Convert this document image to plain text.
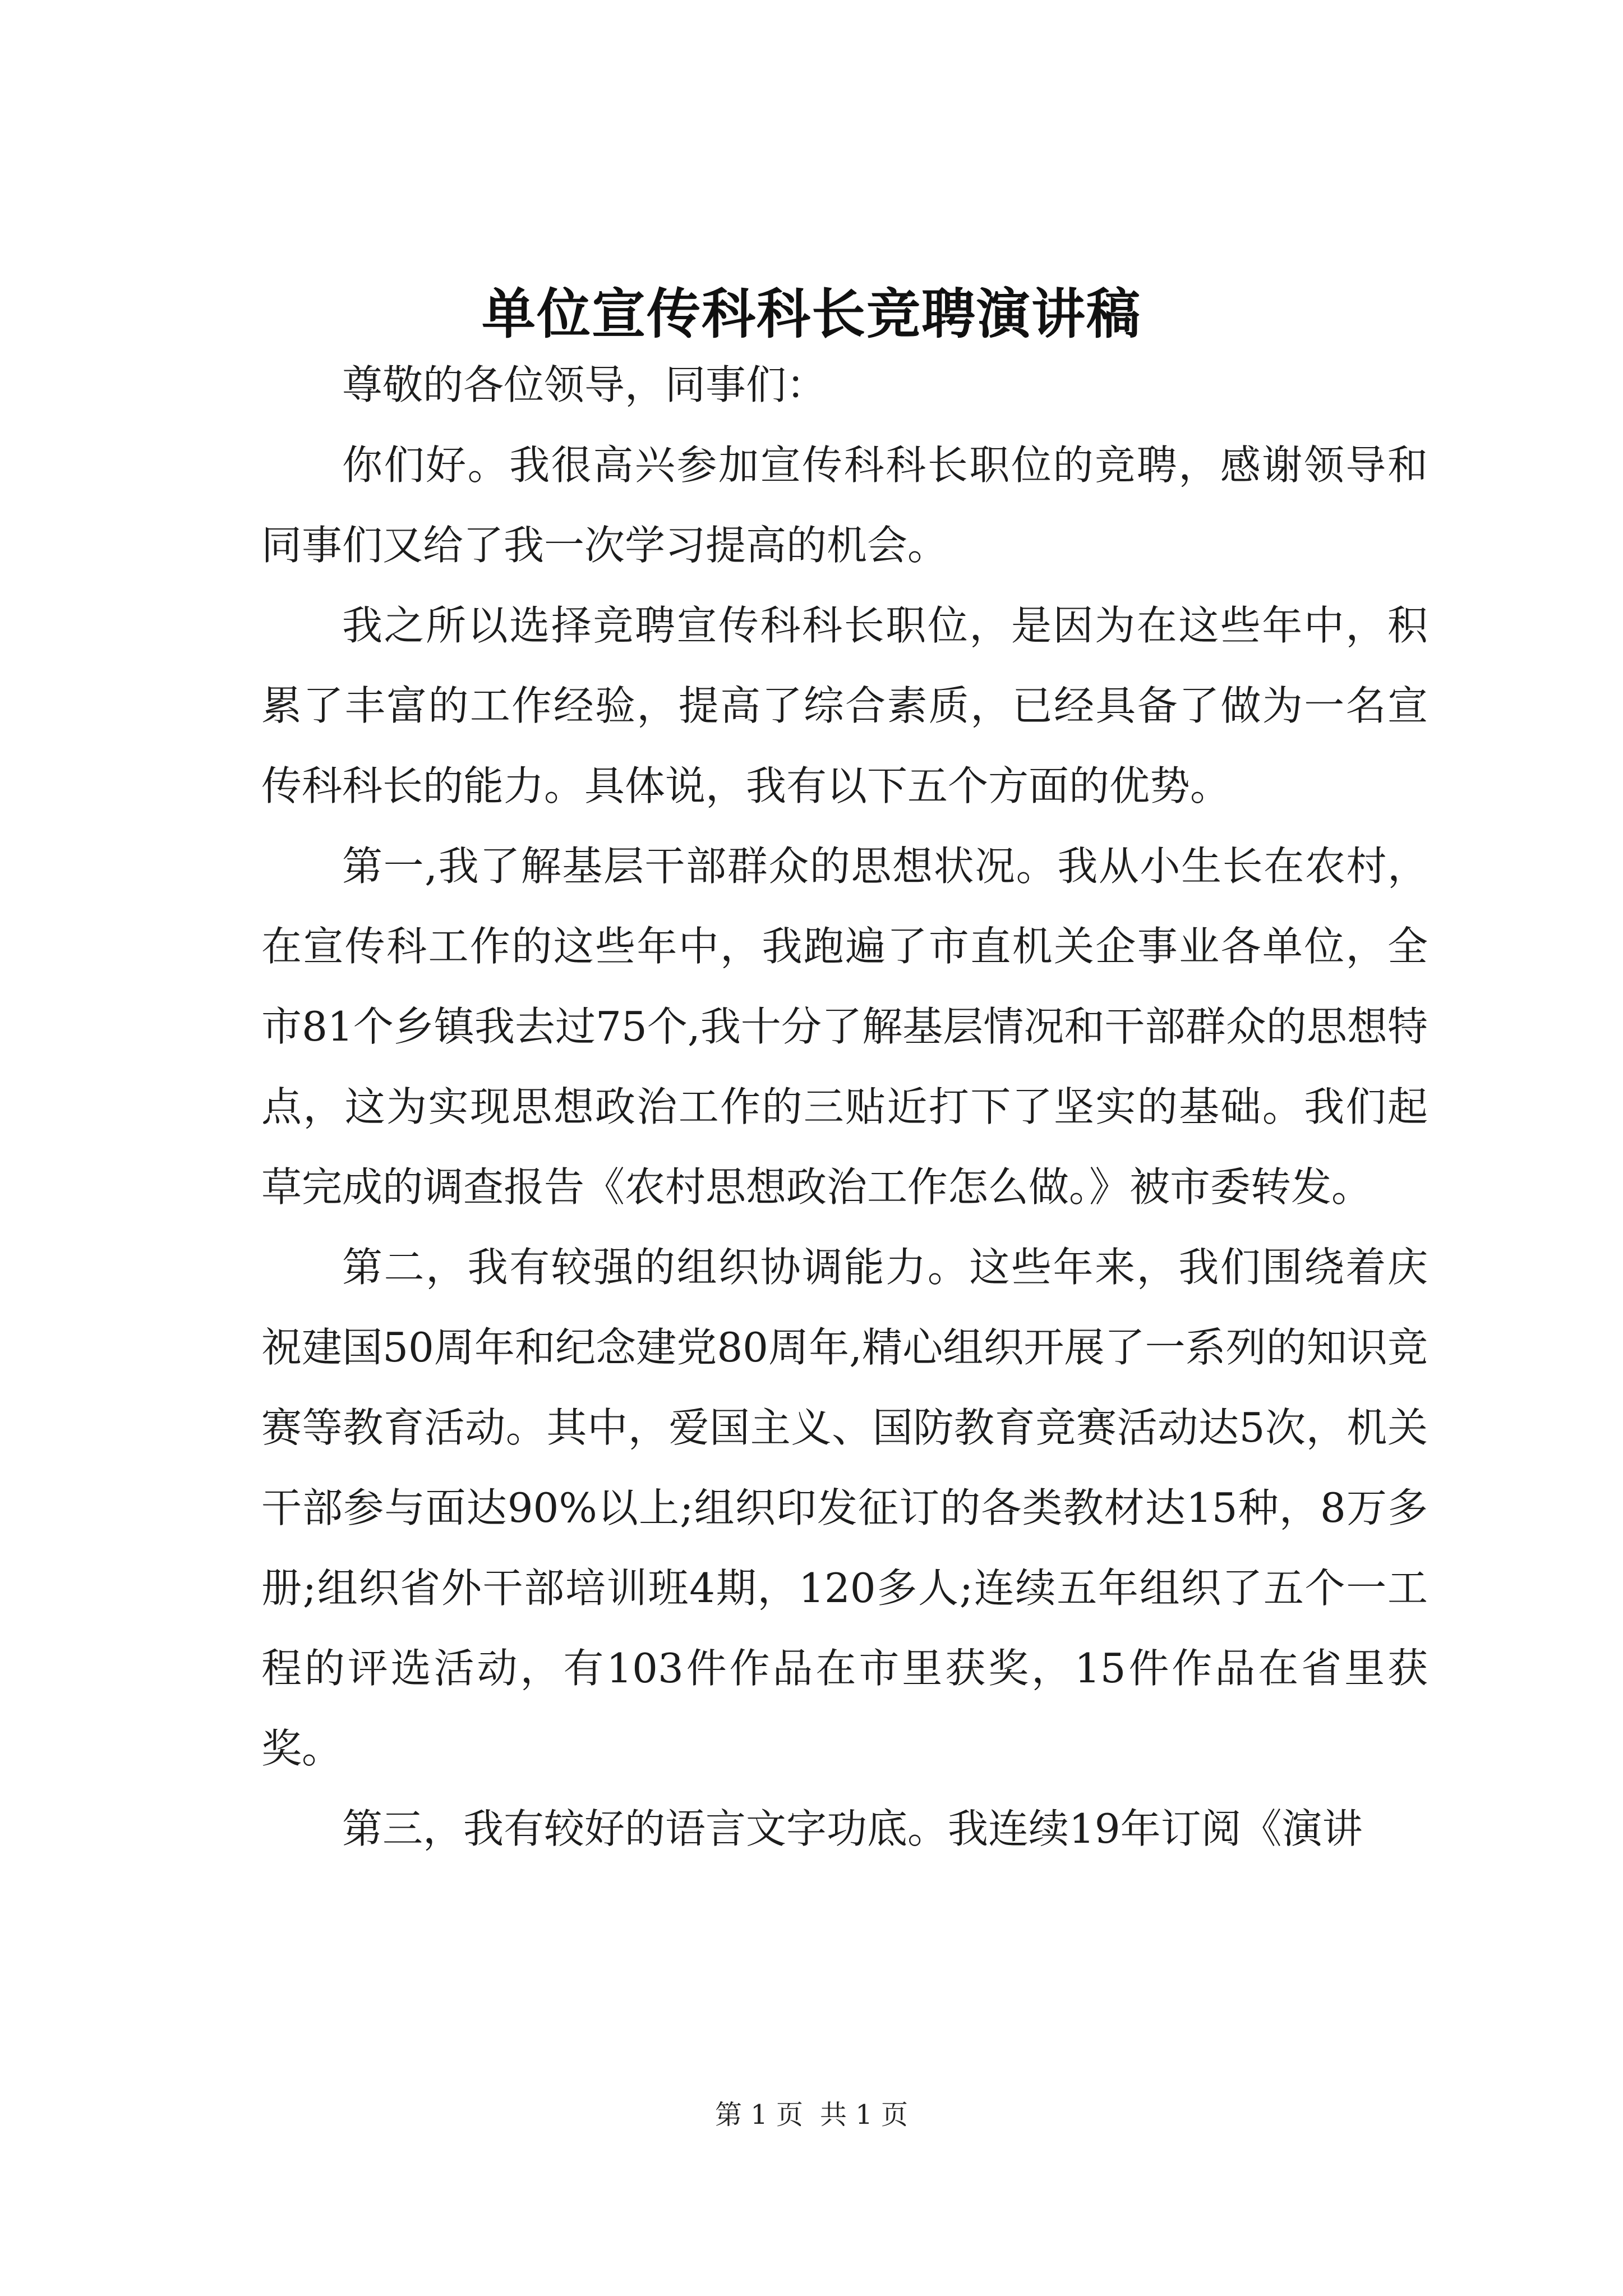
单位宣传科科长竞聘演讲稿

尊敬的各位领导，同事们：

你们好。我很高兴参加宣传科科长职位的竞聘，感谢领导和同事们又给了我一次学习提高的机会。

我之所以选择竞聘宣传科科长职位，是因为在这些年中，积累了丰富的工作经验，提高了综合素质，已经具备了做为一名宣传科科长的能力。具体说，我有以下五个方面的优势。

第一,我了解基层干部群众的思想状况。我从小生长在农村，在宣传科工作的这些年中，我跑遍了市直机关企事业各单位，全市81个乡镇我去过75个,我十分了解基层情况和干部群众的思想特点，这为实现思想政治工作的三贴近打下了坚实的基础。我们起草完成的调查报告《农村思想政治工作怎么做。》被市委转发。

第二，我有较强的组织协调能力。这些年来，我们围绕着庆祝建国50周年和纪念建党80周年,精心组织开展了一系列的知识竞赛等教育活动。其中，爱国主义、国防教育竞赛活动达5次，机关干部参与面达90%以上;组织印发征订的各类教材达15种，8万多册;组织省外干部培训班4期，120多人;连续五年组织了五个一工程的评选活动，有103件作品在市里获奖，15件作品在省里获奖。

第三，我有较好的语言文字功底。我连续19年订阅《演讲

第 1 页 共 1 页
